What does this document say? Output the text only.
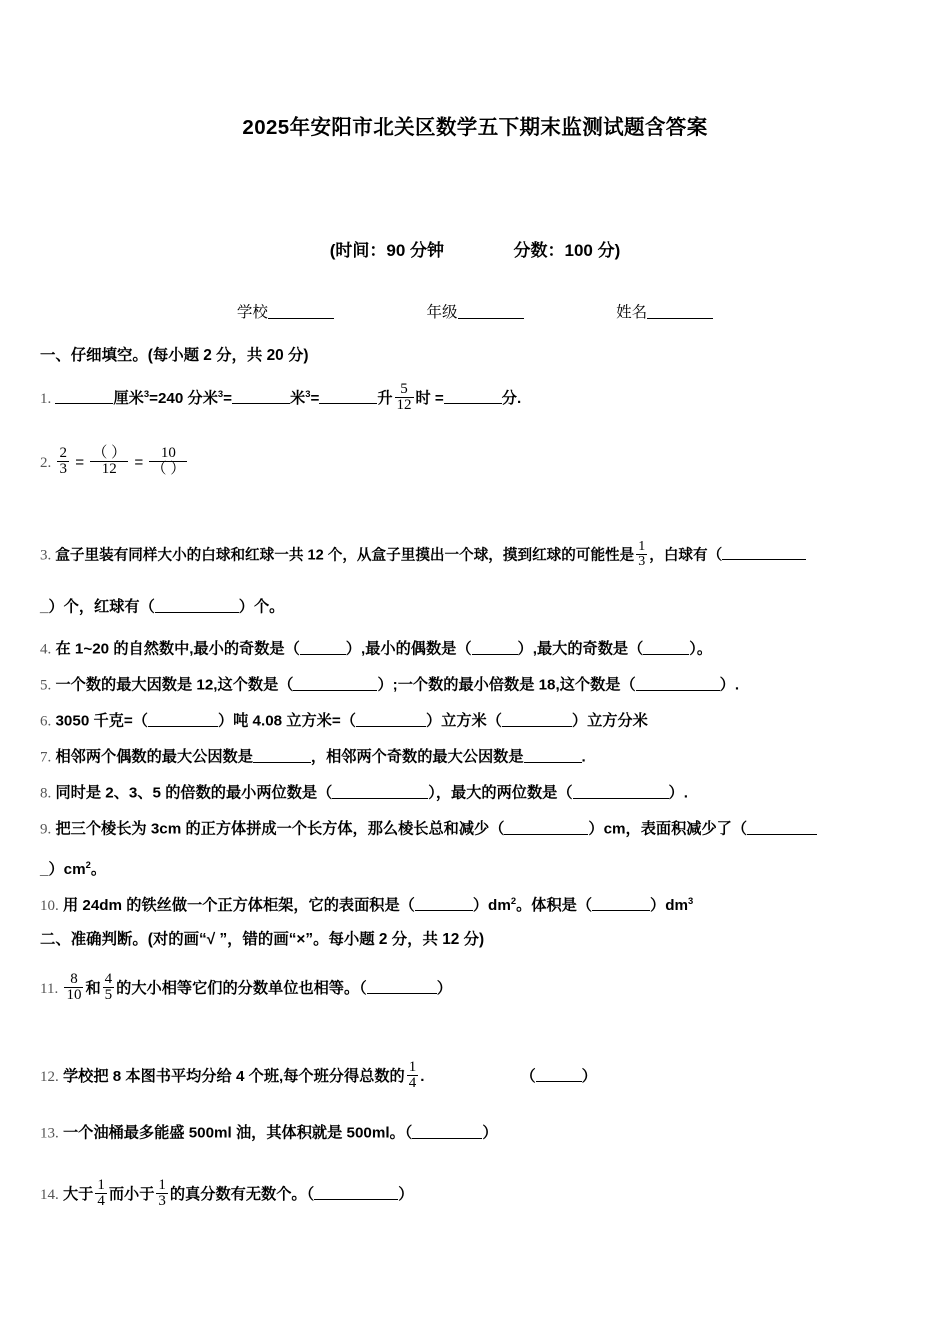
2025年安阳市北关区数学五下期末监测试题含答案
(时间：90 分钟	分数：100 分)
学校	年级	姓名
一、仔细填空。(每小题 2 分，共 20 分)
1.	厘米$^3$=240 分米$^3$=	米$^3$=	升 $\frac{5}{12}$ 时 =	分.
2. $\frac{2}{3} = \frac{( )}{12} = \frac{10}{( )}$
3. 盒子里装有同样大小的白球和红球一共 12 个，从盒子里摸出一个球，摸到红球的可能性是 $\frac{1}{3}$ ，白球有（
_）个，红球有（	）个。
4. 在 1~20 的自然数中,最小的奇数是（	）,最小的偶数是（	）,最大的奇数是（	）。
5. 一个数的最大因数是 12,这个数是（	）;一个数的最小倍数是 18,这个数是（	）.
6. 3050 千克=（	）吨 4.08 立方米=（	）立方米（	）立方分米
7. 相邻两个偶数的最大公因数是	，相邻两个奇数的最大公因数是	.
8. 同时是 2、3、5 的倍数的最小两位数是（	），最大的两位数是（	）.
9. 把三个棱长为 3cm 的正方体拼成一个长方体，那么棱长总和减少（	）cm，表面积减少了（
$\_)cm^2$。
10. 用 24dm 的铁丝做一个正方体柜架，它的表面积是（	）$dm^2$。体积是（	）$dm^3$
二、准确判断。(对的画“√ ”，错的画“×”。每小题 2 分，共 12 分)
11. $\frac{8}{10}$ 和 $\frac{4}{5}$ 的大小相等它们的分数单位也相等。（	）
12. 学校把 8 本图书平均分给 4 个班,每个班分得总数的 $\frac{1}{4}$ .	（	）
13. 一个油桶最多能盛 500ml 油，其体积就是 500ml。（	）
14. 大于 $\frac{1}{4}$ 而小于 $\frac{1}{3}$ 的真分数有无数个。（	）
